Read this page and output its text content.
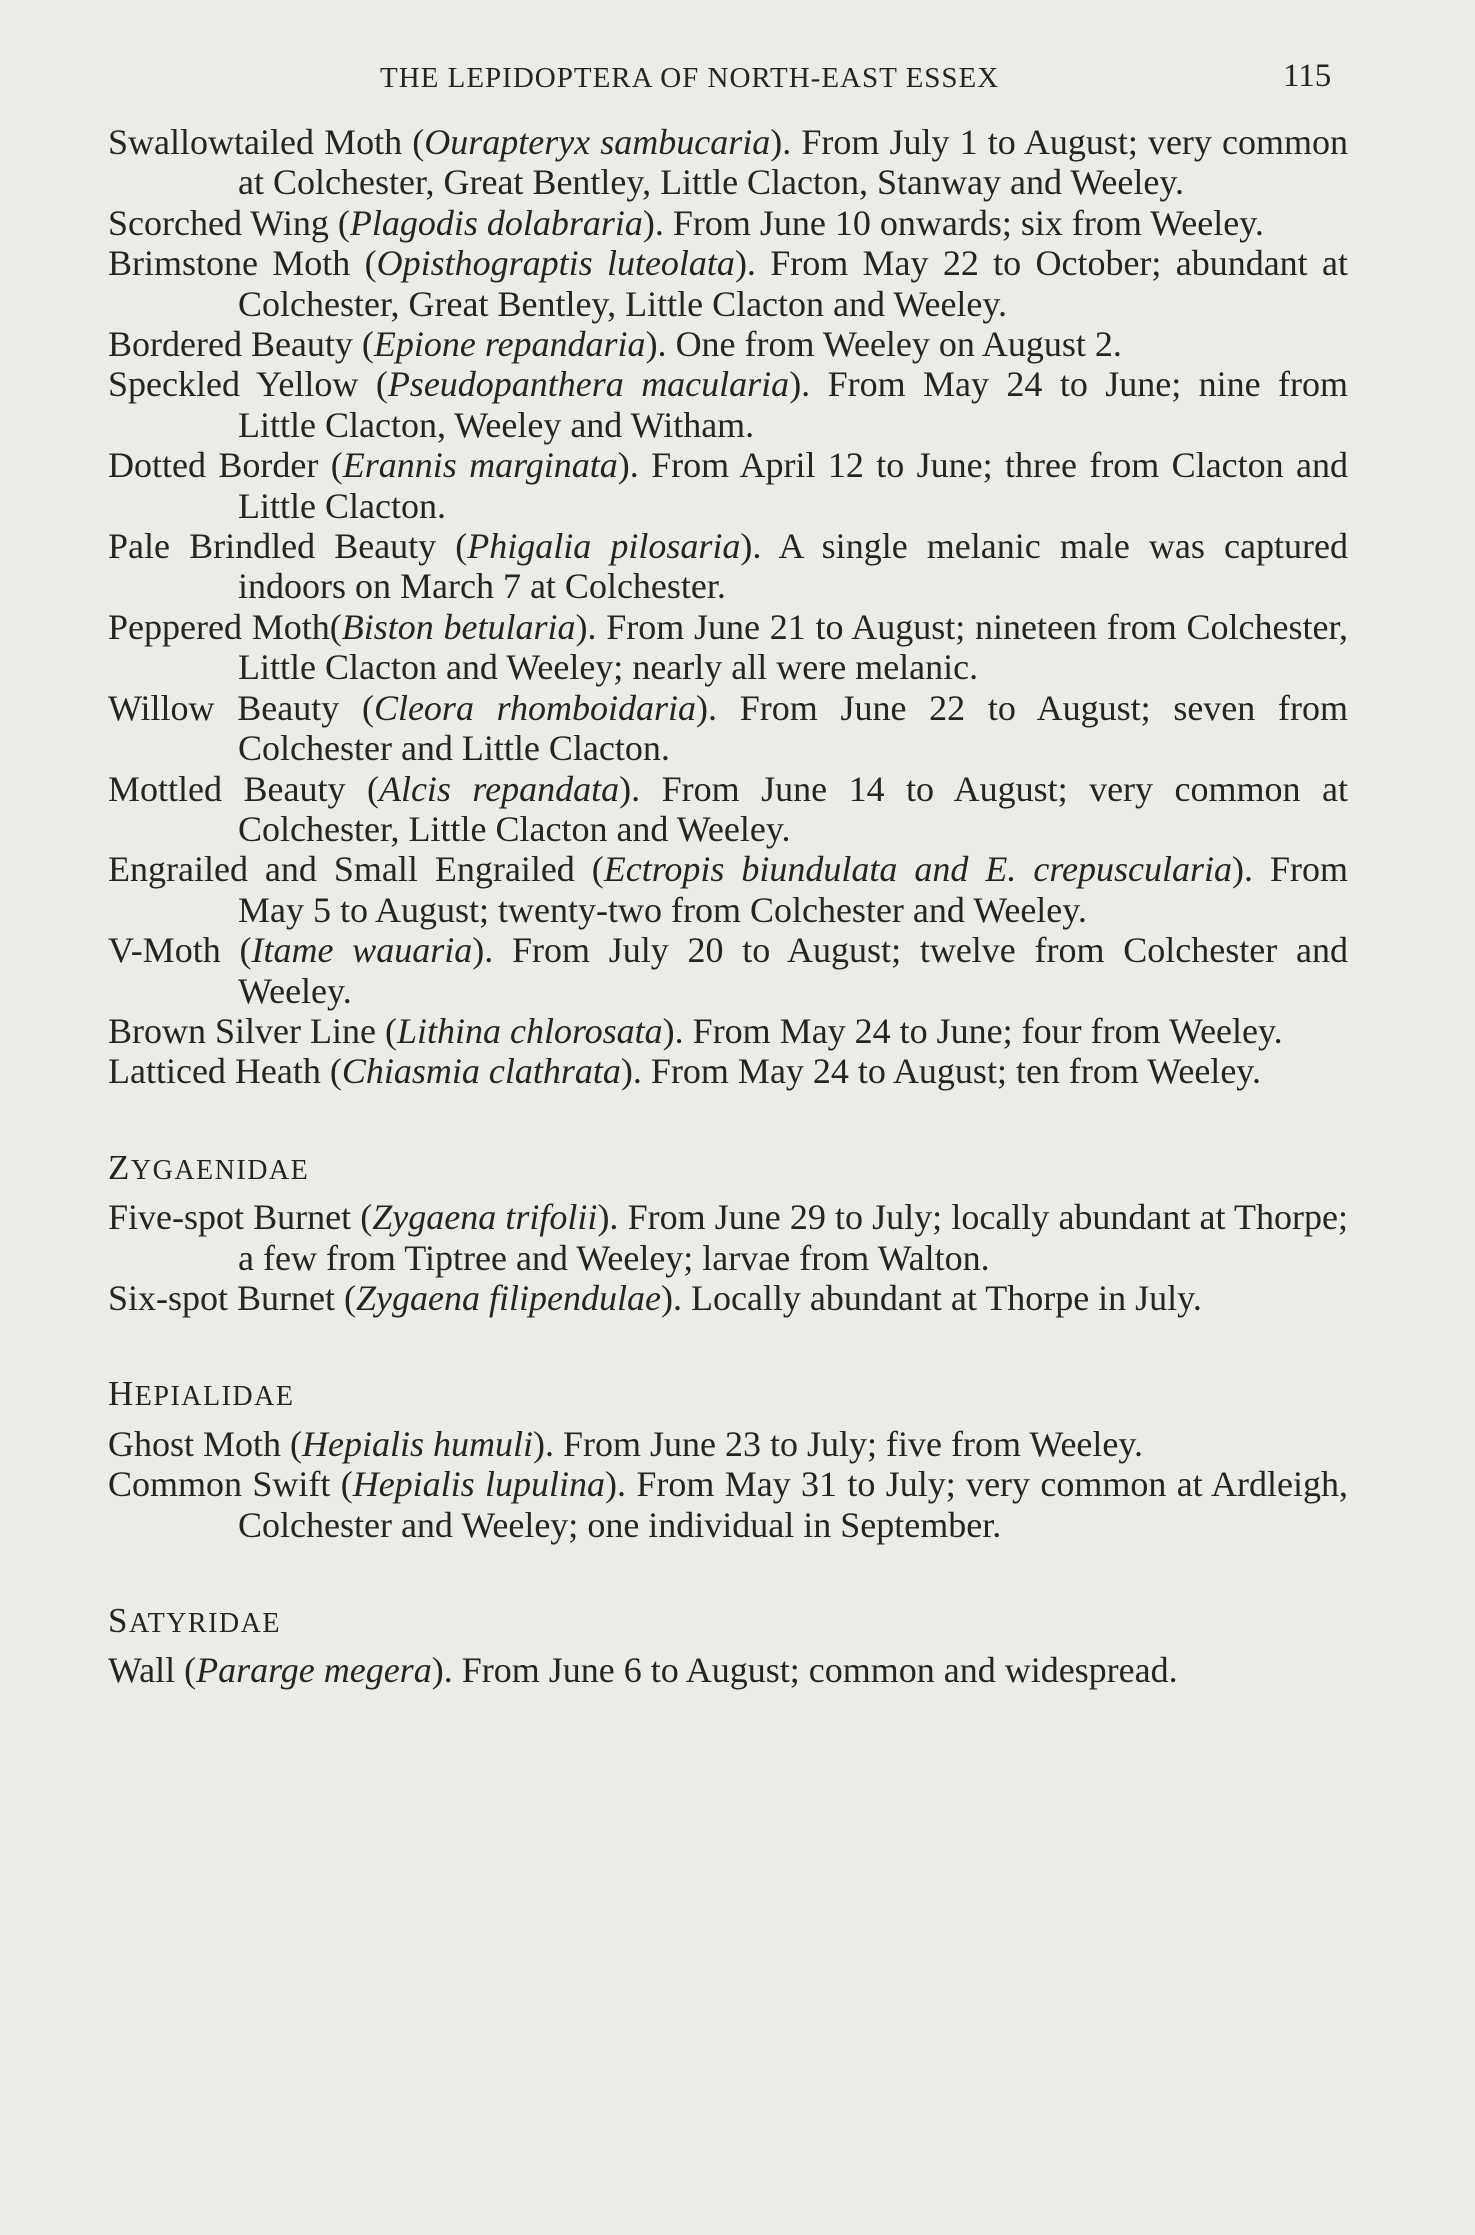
THE LEPIDOPTERA OF NORTH-EAST ESSEX	115

Swallowtailed Moth (Ourapteryx sambucaria). From July 1 to August; very common at Colchester, Great Bentley, Little Clacton, Stanway and Weeley.

Scorched Wing (Plagodis dolabraria). From June 10 onwards; six from Weeley.

Brimstone Moth (Opisthograptis luteolata). From May 22 to October; abundant at Colchester, Great Bentley, Little Clacton and Weeley.

Bordered Beauty (Epione repandaria). One from Weeley on August 2.

Speckled Yellow (Pseudopanthera macularia). From May 24 to June; nine from Little Clacton, Weeley and Witham.

Dotted Border (Erannis marginata). From April 12 to June; three from Clacton and Little Clacton.

Pale Brindled Beauty (Phigalia pilosaria). A single melanic male was captured indoors on March 7 at Colchester.

Peppered Moth(Biston betularia). From June 21 to August; nineteen from Colchester, Little Clacton and Weeley; nearly all were melanic.

Willow Beauty (Cleora rhomboidaria). From June 22 to August; seven from Colchester and Little Clacton.

Mottled Beauty (Alcis repandata). From June 14 to August; very common at Colchester, Little Clacton and Weeley.

Engrailed and Small Engrailed (Ectropis biundulata and E. crepuscularia). From May 5 to August; twenty-two from Colchester and Weeley.

V-Moth (Itame wauaria). From July 20 to August; twelve from Colchester and Weeley.

Brown Silver Line (Lithina chlorosata). From May 24 to June; four from Weeley.

Latticed Heath (Chiasmia clathrata). From May 24 to August; ten from Weeley.

ZYGAENIDAE

Five-spot Burnet (Zygaena trifolii). From June 29 to July; locally abundant at Thorpe; a few from Tiptree and Weeley; larvae from Walton.

Six-spot Burnet (Zygaena filipendulae). Locally abundant at Thorpe in July.

HEPIALIDAE

Ghost Moth (Hepialis humuli). From June 23 to July; five from Weeley.

Common Swift (Hepialis lupulina). From May 31 to July; very common at Ardleigh, Colchester and Weeley; one individual in September.

SATYRIDAE

Wall (Pararge megera). From June 6 to August; common and widespread.
